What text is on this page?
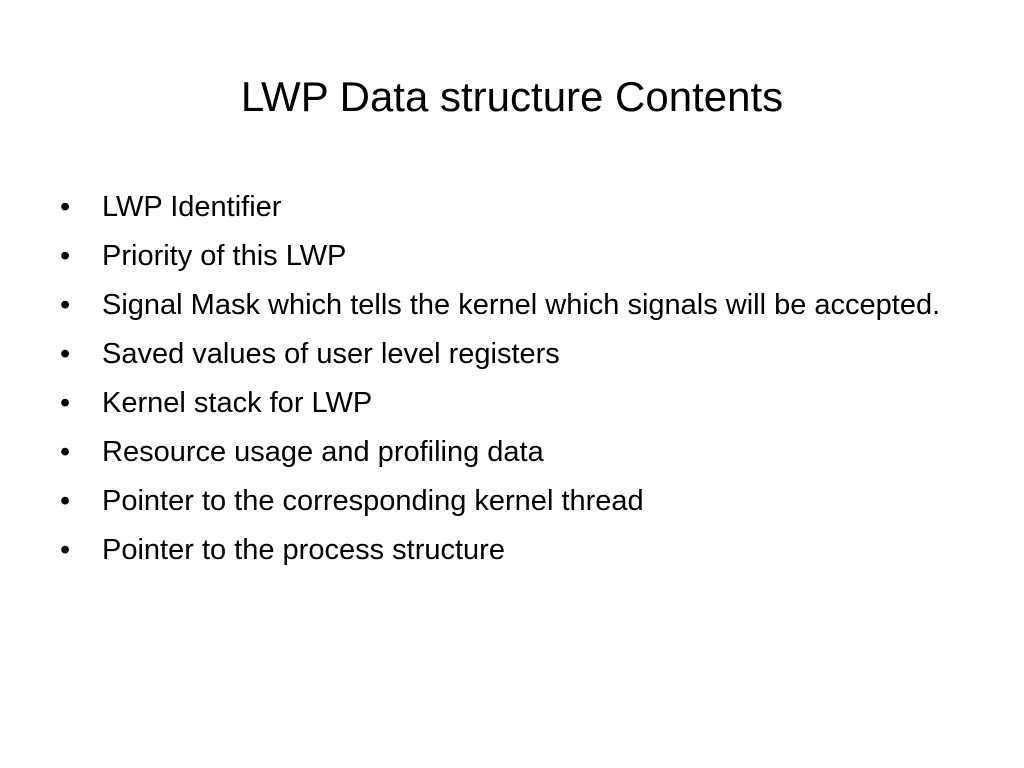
LWP Data structure Contents
•	LWP Identifier
•	Priority of this LWP
•	Signal Mask which tells the kernel which signals will be accepted.
•	Saved values of user level registers
•	Kernel stack for LWP
•	Resource usage and profiling data
•	Pointer to the corresponding kernel thread
•	Pointer to the process structure
